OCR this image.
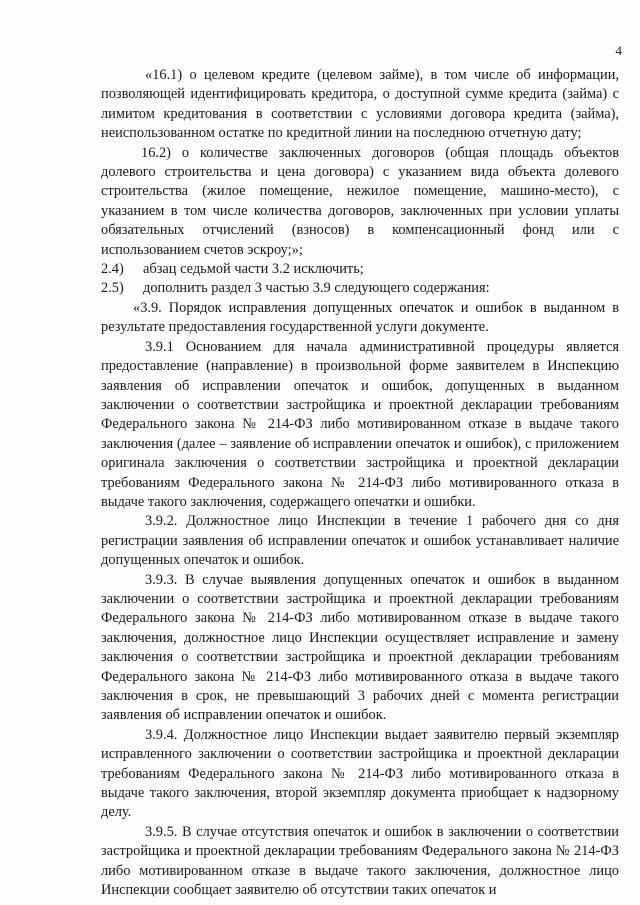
4

«16.1) о целевом кредите (целевом займе), в том числе об информации, позволяющей идентифицировать кредитора, о доступной сумме кредита (займа) с лимитом кредитования в соответствии с условиями договора кредита (займа), неиспользованном остатке по кредитной линии на последнюю отчетную дату;

16.2) о количестве заключенных договоров (общая площадь объектов долевого строительства и цена договора) с указанием вида объекта долевого строительства (жилое помещение, нежилое помещение, машино-место), с указанием в том числе количества договоров, заключенных при условии уплаты обязательных отчислений (взносов) в компенсационный фонд или с использованием счетов эскроу;»;

2.4)	абзац седьмой части 3.2 исключить;
2.5)	дополнить раздел 3 частью 3.9 следующего содержания:

«3.9. Порядок исправления допущенных опечаток и ошибок в выданном в результате предоставления государственной услуги документе.

3.9.1 Основанием для начала административной процедуры является предоставление (направление) в произвольной форме заявителем в Инспекцию заявления об исправлении опечаток и ошибок, допущенных в выданном заключении о соответствии застройщика и проектной декларации требованиям Федерального закона № 214-ФЗ либо мотивированном отказе в выдаче такого заключения (далее – заявление об исправлении опечаток и ошибок), с приложением оригинала заключения о соответствии застройщика и проектной декларации требованиям Федерального закона № 214-ФЗ либо мотивированного отказа в выдаче такого заключения, содержащего опечатки и ошибки.

3.9.2. Должностное лицо Инспекции в течение 1 рабочего дня со дня регистрации заявления об исправлении опечаток и ошибок устанавливает наличие допущенных опечаток и ошибок.

3.9.3. В случае выявления допущенных опечаток и ошибок в выданном заключении о соответствии застройщика и проектной декларации требованиям Федерального закона № 214-ФЗ либо мотивированном отказе в выдаче такого заключения, должностное лицо Инспекции осуществляет исправление и замену заключения о соответствии застройщика и проектной декларации требованиям Федерального закона № 214-ФЗ либо мотивированного отказа в выдаче такого заключения в срок, не превышающий 3 рабочих дней с момента регистрации заявления об исправлении опечаток и ошибок.

3.9.4. Должностное лицо Инспекции выдает заявителю первый экземпляр исправленного заключении о соответствии застройщика и проектной декларации требованиям Федерального закона № 214-ФЗ либо мотивированного отказа в выдаче такого заключения, второй экземпляр документа приобщает к надзорному делу.

3.9.5. В случае отсутствия опечаток и ошибок в заключении о соответствии застройщика и проектной декларации требованиям Федерального закона № 214-ФЗ либо мотивированном отказе в выдаче такого заключения, должностное лицо Инспекции сообщает заявителю об отсутствии таких опечаток и
